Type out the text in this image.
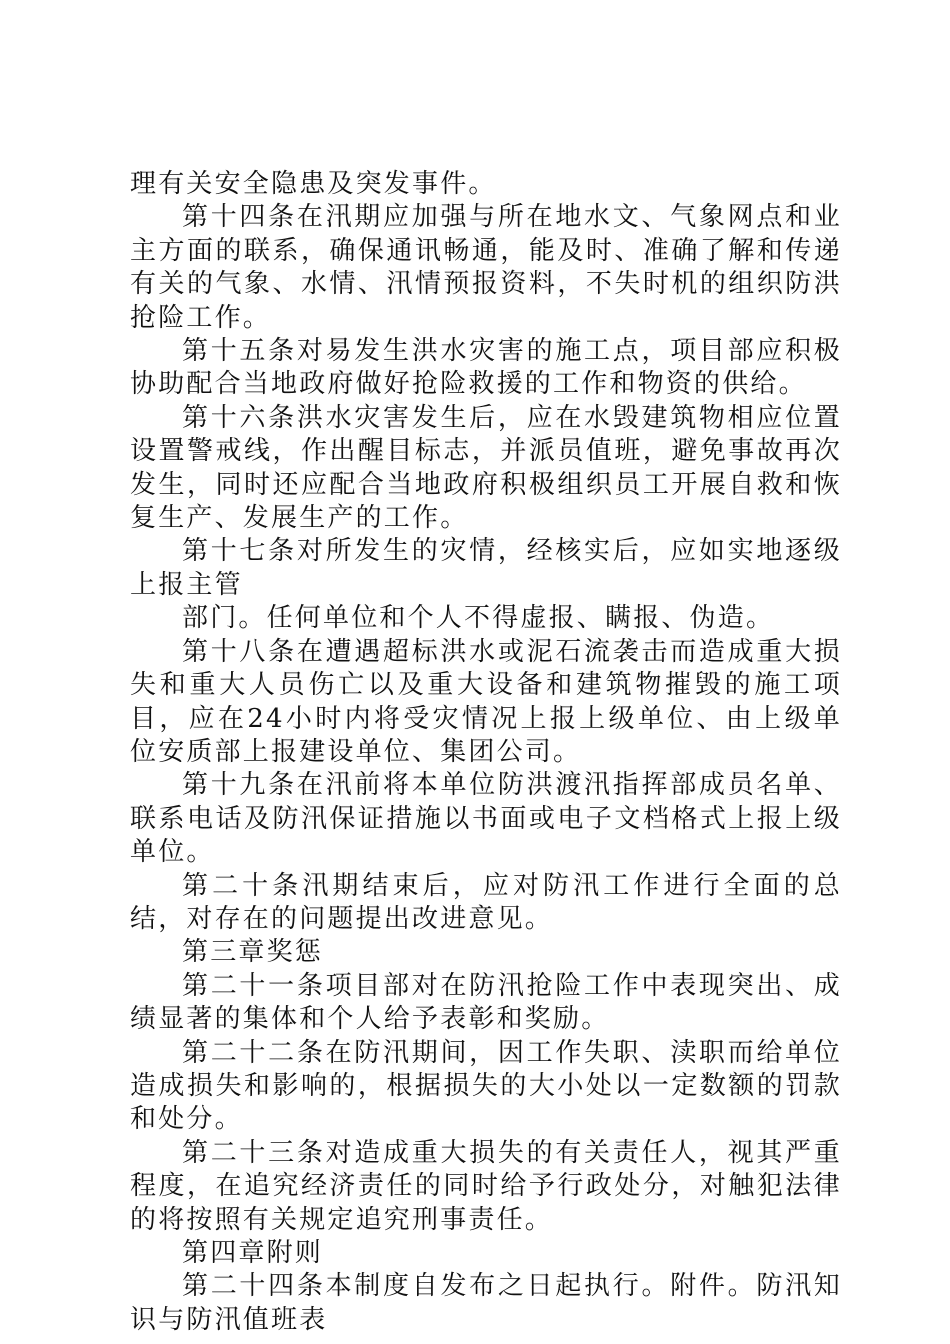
理有关安全隐患及突发事件。

第十四条在汛期应加强与所在地水文、气象网点和业主方面的联系，确保通讯畅通，能及时、准确了解和传递有关的气象、水情、汛情预报资料，不失时机的组织防洪抢险工作。

第十五条对易发生洪水灾害的施工点，项目部应积极协助配合当地政府做好抢险救援的工作和物资的供给。

第十六条洪水灾害发生后，应在水毁建筑物相应位置设置警戒线，作出醒目标志，并派员值班，避免事故再次发生，同时还应配合当地政府积极组织员工开展自救和恢复生产、发展生产的工作。

第十七条对所发生的灾情，经核实后，应如实地逐级上报主管

部门。任何单位和个人不得虚报、瞒报、伪造。

第十八条在遭遇超标洪水或泥石流袭击而造成重大损失和重大人员伤亡以及重大设备和建筑物摧毁的施工项目，应在24小时内将受灾情况上报上级单位、由上级单位安质部上报建设单位、集团公司。

第十九条在汛前将本单位防洪渡汛指挥部成员名单、联系电话及防汛保证措施以书面或电子文档格式上报上级单位。

第二十条汛期结束后，应对防汛工作进行全面的总结，对存在的问题提出改进意见。

第三章奖惩

第二十一条项目部对在防汛抢险工作中表现突出、成绩显著的集体和个人给予表彰和奖励。

第二十二条在防汛期间，因工作失职、渎职而给单位造成损失和影响的，根据损失的大小处以一定数额的罚款和处分。

第二十三条对造成重大损失的有关责任人，视其严重程度，在追究经济责任的同时给予行政处分，对触犯法律的将按照有关规定追究刑事责任。

第四章附则

第二十四条本制度自发布之日起执行。附件。防汛知识与防汛值班表
